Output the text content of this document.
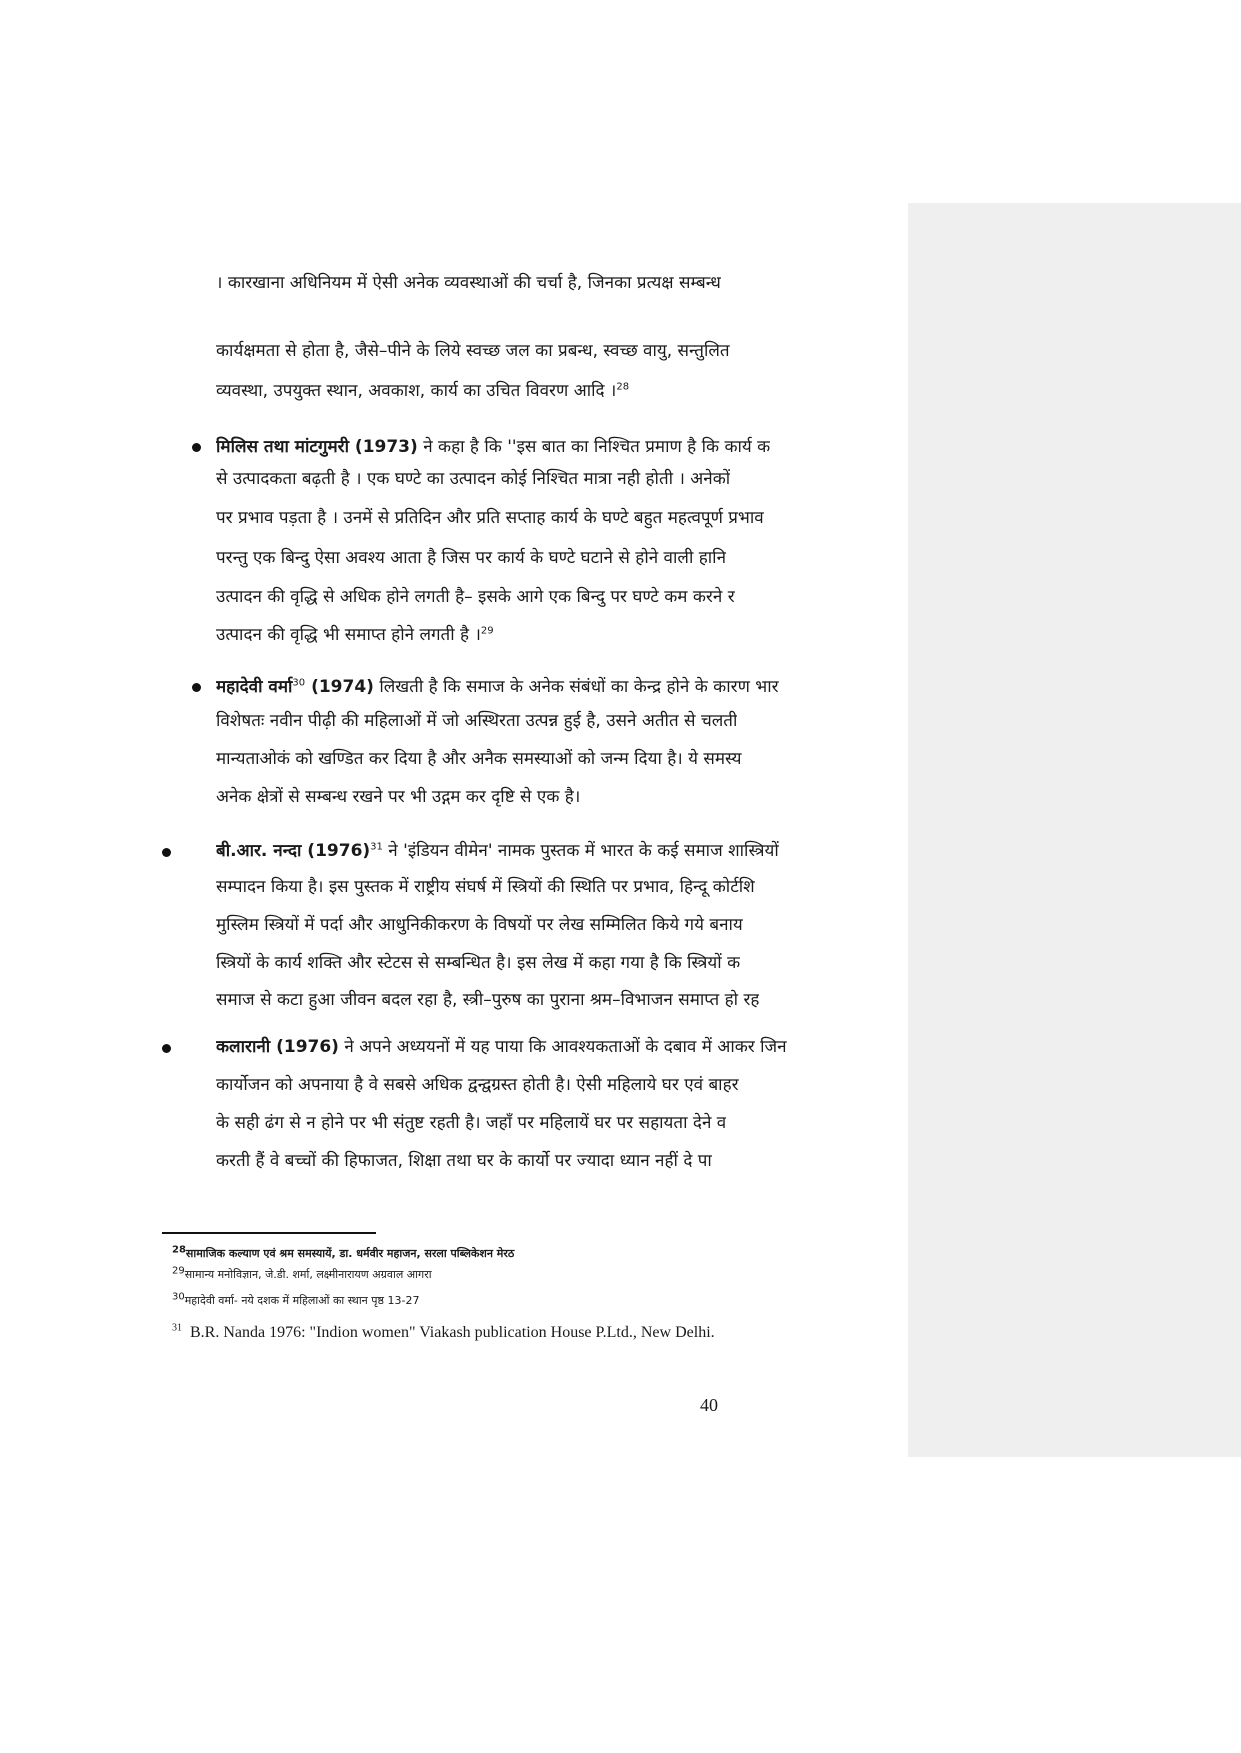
। कारखाना अधिनियम में ऐसी अनेक व्यवस्थाओं की चर्चा है, जिनका प्रत्यक्ष सम्बन्ध
कार्यक्षमता से होता है, जैसे–पीने के लिये स्वच्छ जल का प्रबन्ध, स्वच्छ वायु, सन्तुलित
व्यवस्था, उपयुक्त स्थान, अवकाश, कार्य का उचित विवरण आदि ।$^{28}$
मिलिस तथा मांटगुमरी (1973) ने कहा है कि ''इस बात का निश्चित प्रमाण है कि कार्य क
से उत्पादकता बढ़ती है । एक घण्टे का उत्पादन कोई निश्चित मात्रा नही होती । अनेकों
पर प्रभाव पड़ता है । उनमें से प्रतिदिन और प्रति सप्ताह कार्य के घण्टे बहुत महत्वपूर्ण प्रभाव
परन्तु एक बिन्दु ऐसा अवश्य आता है जिस पर कार्य के घण्टे घटाने से होने वाली हानि
उत्पादन की वृद्धि से अधिक होने लगती है– इसके आगे एक बिन्दु पर घण्टे कम करने र
उत्पादन की वृद्धि भी समाप्त होने लगती है ।$^{29}$
महादेवी वर्मा$^{30}$ (1974) लिखती है कि समाज के अनेक संबंधों का केन्द्र होने के कारण भार
विशेषतः नवीन पीढ़ी की महिलाओं में जो अस्थिरता उत्पन्न हुई है, उसने अतीत से चलती
मान्यताओकं को खण्डित कर दिया है और अनैक समस्याओं को जन्म दिया है। ये समस्य
अनेक क्षेत्रों से सम्बन्ध रखने पर भी उद्गम कर दृष्टि से एक है।
बी.आर. नन्दा $(1976)^{31}$ ने 'इंडियन वीमेन' नामक पुस्तक में भारत के कई समाज शास्त्रियों
सम्पादन किया है। इस पुस्तक में राष्ट्रीय संघर्ष में स्त्रियों की स्थिति पर प्रभाव, हिन्दू कोर्टशि
मुस्लिम स्त्रियों में पर्दा और आधुनिकीकरण के विषयों पर लेख सम्मिलित किये गये बनाय
स्त्रियों के कार्य शक्ति और स्टेटस से सम्बन्धित है। इस लेख में कहा गया है कि स्त्रियों क
समाज से कटा हुआ जीवन बदल रहा है, स्त्री–पुरुष का पुराना श्रम–विभाजन समाप्त हो रह
कलारानी (1976) ने अपने अध्ययनों में यह पाया कि आवश्यकताओं के दबाव में आकर जिन
कार्योजन को अपनाया है वे सबसे अधिक द्वन्द्वग्रस्त होती है। ऐसी महिलाये घर एवं बाहर
के सही ढंग से न होने पर भी संतुष्ट रहती है। जहाँ पर महिलायें घर पर सहायता देने व
करती हैं वे बच्चों की हिफाजत, शिक्षा तथा घर के कार्यो पर ज्यादा ध्यान नहीं दे पा
$^{28}$सामाजिक कल्याण एवं श्रम समस्यायें, डा. धर्मवीर महाजन, सरला पब्लिकेशन मेरठ
$^{29}$सामान्य मनोविज्ञान, जे.डी. शर्मा, लक्ष्मीनारायण अग्रवाल आगरा
$^{30}$महादेवी वर्मा- नये दशक में महिलाओं का स्थान पृष्ठ 13-27
$^{31}$ B.R. Nanda 1976: "Indion women" Viakash publication House P.Ltd., New Delhi.
40
